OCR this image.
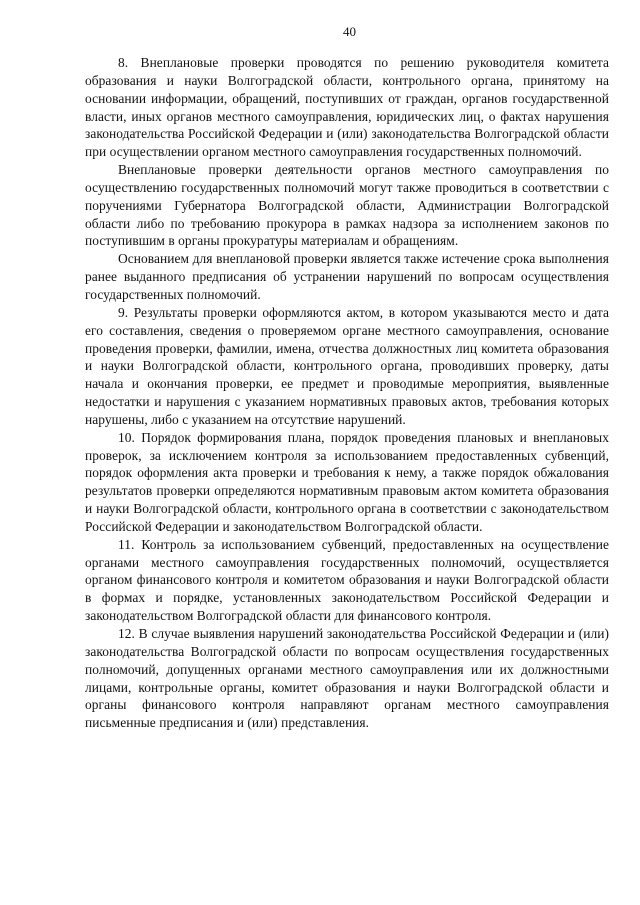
40

8. Внеплановые проверки проводятся по решению руководителя комитета образования и науки Волгоградской области, контрольного органа, принятому на основании информации, обращений, поступивших от граждан, органов государственной власти, иных органов местного самоуправления, юридических лиц, о фактах нарушения законодательства Российской Федерации и (или) законодательства Волгоградской области при осуществлении органом местного самоуправления государственных полномочий.

Внеплановые проверки деятельности органов местного самоуправления по осуществлению государственных полномочий могут также проводиться в соответствии с поручениями Губернатора Волгоградской области, Администрации Волгоградской области либо по требованию прокурора в рамках надзора за исполнением законов по поступившим в органы прокуратуры материалам и обращениям.

Основанием для внеплановой проверки является также истечение срока выполнения ранее выданного предписания об устранении нарушений по вопросам осуществления государственных полномочий.

9. Результаты проверки оформляются актом, в котором указываются место и дата его составления, сведения о проверяемом органе местного самоуправления, основание проведения проверки, фамилии, имена, отчества должностных лиц комитета образования и науки Волгоградской области, контрольного органа, проводивших проверку, даты начала и окончания проверки, ее предмет и проводимые мероприятия, выявленные недостатки и нарушения с указанием нормативных правовых актов, требования которых нарушены, либо с указанием на отсутствие нарушений.

10. Порядок формирования плана, порядок проведения плановых и внеплановых проверок, за исключением контроля за использованием предоставленных субвенций, порядок оформления акта проверки и требования к нему, а также порядок обжалования результатов проверки определяются нормативным правовым актом комитета образования и науки Волгоградской области, контрольного органа в соответствии с законодательством Российской Федерации и законодательством Волгоградской области.

11. Контроль за использованием субвенций, предоставленных на осуществление органами местного самоуправления государственных полномочий, осуществляется органом финансового контроля и комитетом образования и науки Волгоградской области в формах и порядке, установленных законодательством Российской Федерации и законодательством Волгоградской области для финансового контроля.

12. В случае выявления нарушений законодательства Российской Федерации и (или) законодательства Волгоградской области по вопросам осуществления государственных полномочий, допущенных органами местного самоуправления или их должностными лицами, контрольные органы, комитет образования и науки Волгоградской области и органы финансового контроля направляют органам местного самоуправления письменные предписания и (или) представления.
